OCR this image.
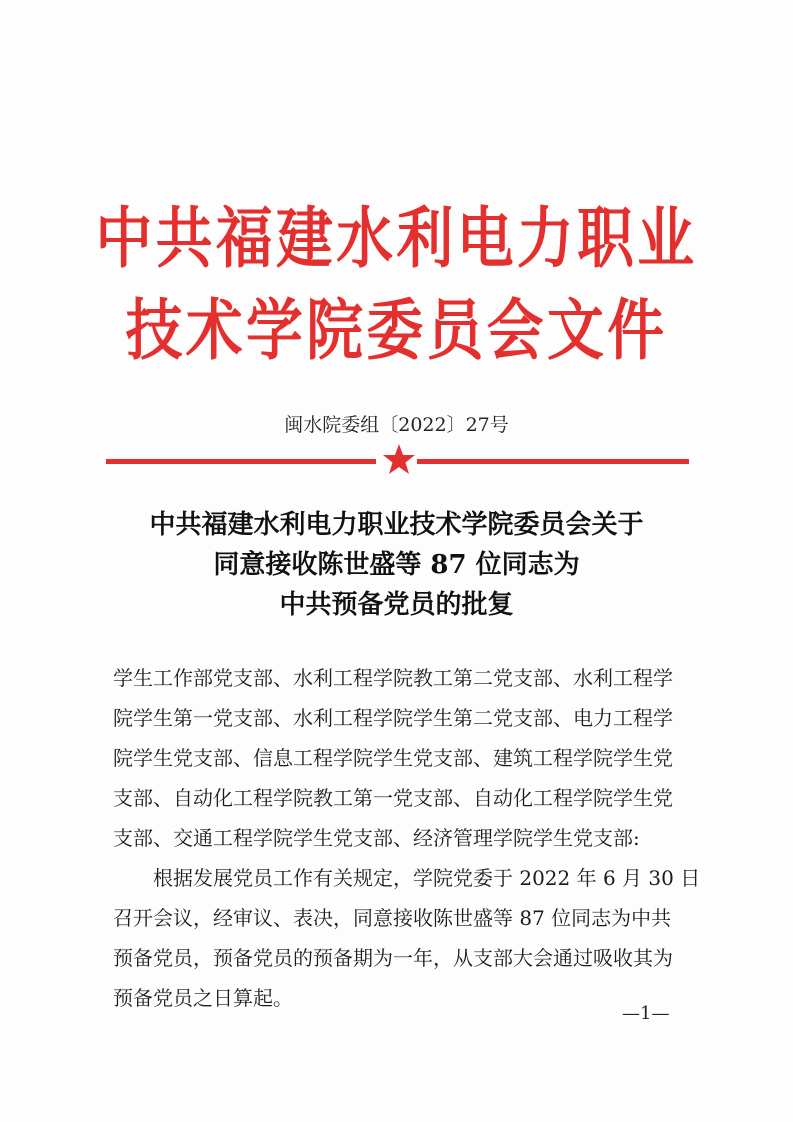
中共福建水利电力职业
技术学院委员会文件
闽水院委组〔2022〕27号
中共福建水利电力职业技术学院委员会关于
同意接收陈世盛等 87 位同志为
中共预备党员的批复
学生工作部党支部、水利工程学院教工第二党支部、水利工程学
院学生第一党支部、水利工程学院学生第二党支部、电力工程学
院学生党支部、信息工程学院学生党支部、建筑工程学院学生党
支部、自动化工程学院教工第一党支部、自动化工程学院学生党
支部、交通工程学院学生党支部、经济管理学院学生党支部:
　　根据发展党员工作有关规定，学院党委于 2022 年 6 月 30 日
召开会议，经审议、表决，同意接收陈世盛等 87 位同志为中共
预备党员，预备党员的预备期为一年，从支部大会通过吸收其为
预备党员之日算起。
—1—
